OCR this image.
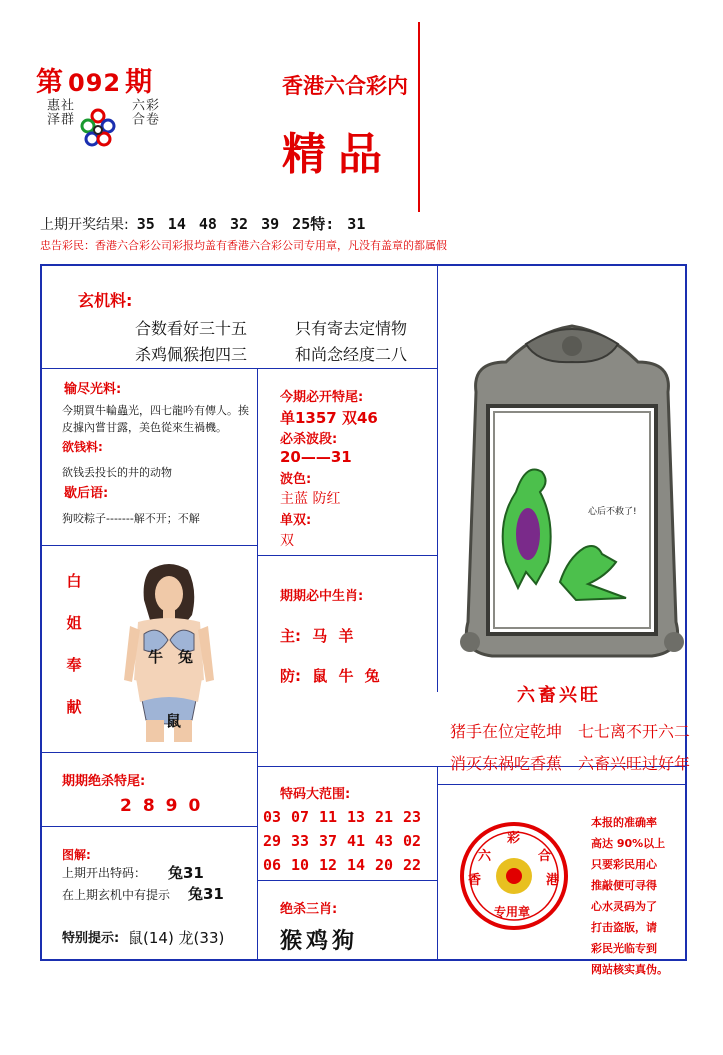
第 092 期
惠泽 社群	六合 彩卷
香港六合彩内
精品
上期开奖结果: 35 14 48 32 39 25特: 31
忠告彩民：香港六合彩公司彩报均盖有香港六合彩公司专用章，凡没有盖章的都属假
玄机料:
合数看好三十五	只有寄去定情物
杀鸡佩猴抱四三	和尚念经度二八
输尽光料:
今期買牛輪蟲光，四七龍吟有傳人。挨皮據內嘗甘露，美色從來生禍機。
欲钱料:
欲钱丢投长的井的动物
歇后语:
狗咬粽子-------解不开；不解
今期必开特尾:
单1357 双46
必杀波段:
20——31
波色:
主蓝 防红
单双:
双
白
姐
奉
献
牛 兔
鼠
期期必中生肖:
主: 马 羊
防: 鼠 牛 兔
心后不救了!
六畜兴旺
猪手在位定乾坤 七七离不开六二
消灭东祸吃香蕉 六畜兴旺过好年
期期绝杀特尾:
2890
特码大范围:
03 07 11 13 21 23
29 33 37 41 43 02
06 10 12 14 20 22
图解:
上期开出特码： 兔31
在上期玄机中有提示 兔31
特别提示: 鼠(14) 龙(33)
绝杀三肖:
猴鸡狗
六
彩
合
香	港
专用章
本报的准确率
高达 90%以上
只要彩民用心
推敲便可寻得
心水灵码为了
打击盗版，请
彩民光临专到
网站核实真伪。
